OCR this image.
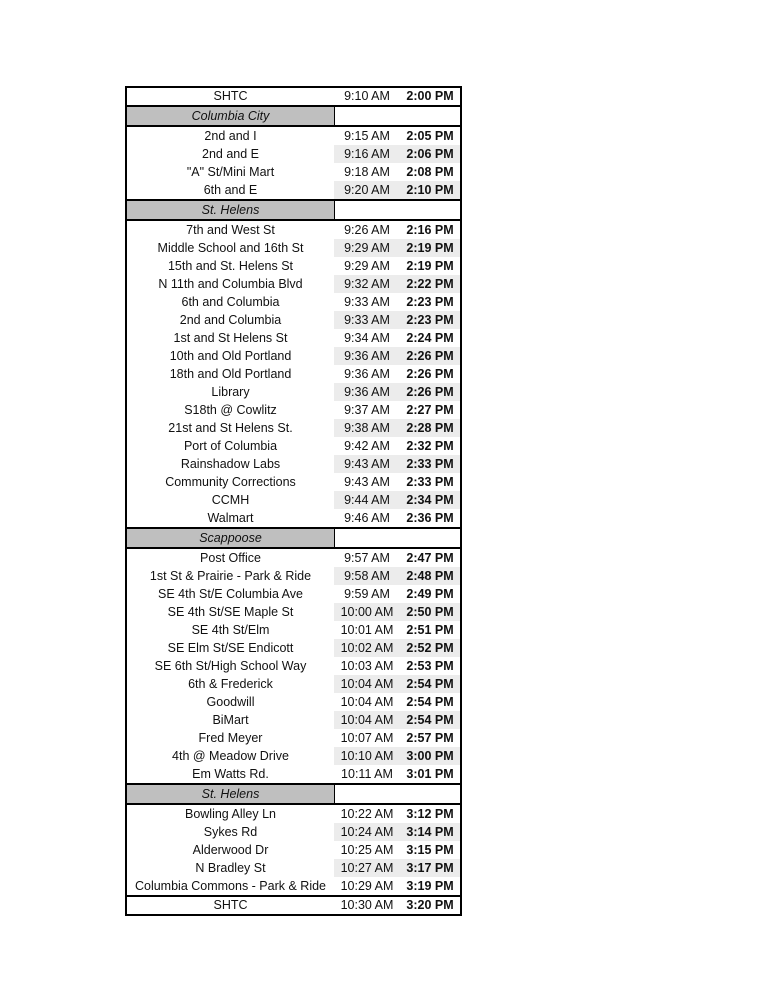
SHTC	9:10 AM	2:00 PM
Columbia City
2nd and I	9:15 AM	2:05 PM
2nd and E	9:16 AM	2:06 PM
"A" St/Mini Mart	9:18 AM	2:08 PM
6th and E	9:20 AM	2:10 PM
St. Helens
7th and West St	9:26 AM	2:16 PM
Middle School and 16th St	9:29 AM	2:19 PM
15th and St. Helens St	9:29 AM	2:19 PM
N 11th and Columbia Blvd	9:32 AM	2:22 PM
6th and Columbia	9:33 AM	2:23 PM
2nd and Columbia	9:33 AM	2:23 PM
1st and St Helens St	9:34 AM	2:24 PM
10th and Old Portland	9:36 AM	2:26 PM
18th and Old Portland	9:36 AM	2:26 PM
Library	9:36 AM	2:26 PM
S18th @ Cowlitz	9:37 AM	2:27 PM
21st and St Helens St.	9:38 AM	2:28 PM
Port of Columbia	9:42 AM	2:32 PM
Rainshadow Labs	9:43 AM	2:33 PM
Community Corrections	9:43 AM	2:33 PM
CCMH	9:44 AM	2:34 PM
Walmart	9:46 AM	2:36 PM
Scappoose
Post Office	9:57 AM	2:47 PM
1st St & Prairie - Park & Ride	9:58 AM	2:48 PM
SE 4th St/E Columbia Ave	9:59 AM	2:49 PM
SE 4th St/SE Maple St	10:00 AM	2:50 PM
SE 4th St/Elm	10:01 AM	2:51 PM
SE Elm St/SE Endicott	10:02 AM	2:52 PM
SE 6th St/High School Way	10:03 AM	2:53 PM
6th & Frederick	10:04 AM	2:54 PM
Goodwill	10:04 AM	2:54 PM
BiMart	10:04 AM	2:54 PM
Fred Meyer	10:07 AM	2:57 PM
4th @ Meadow Drive	10:10 AM	3:00 PM
Em Watts Rd.	10:11 AM	3:01 PM
St. Helens
Bowling Alley Ln	10:22 AM	3:12 PM
Sykes Rd	10:24 AM	3:14 PM
Alderwood Dr	10:25 AM	3:15 PM
N Bradley St	10:27 AM	3:17 PM
Columbia Commons - Park & Ride	10:29 AM	3:19 PM
SHTC	10:30 AM	3:20 PM
